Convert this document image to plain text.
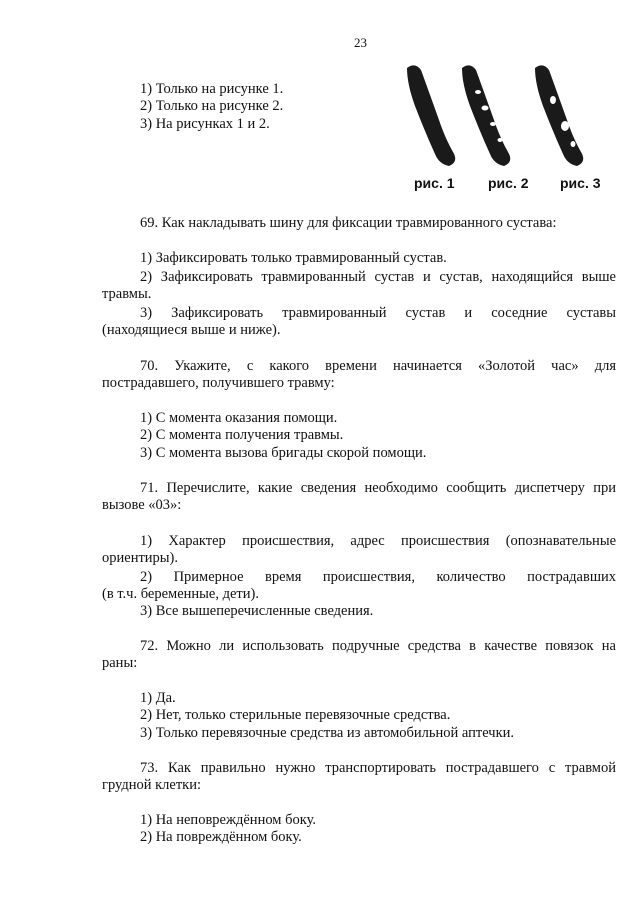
23

1) Только на рисунке 1.

2) Только на рисунке 2.

3) На рисунках 1 и 2.

рис. 1 рис. 2 рис. 3

69. Как накладывать шину для фиксации травмированного сустава:

1) Зафиксировать только травмированный сустав.

2) Зафиксировать травмированный сустав и сустав, находящийся выше

травмы.

3) Зафиксировать травмированный сустав и соседние суставы

(находящиеся выше и ниже).

70. Укажите, с какого времени начинается «Золотой час» для

пострадавшего, получившего травму:

1) С момента оказания помощи.

2) С момента получения травмы.

3) С момента вызова бригады скорой помощи.

71. Перечислите, какие сведения необходимо сообщить диспетчеру при

вызове «03»:

1) Характер происшествия, адрес происшествия (опознавательные

ориентиры).

2) Примерное время происшествия, количество пострадавших

(в т.ч. беременные, дети).

3) Все вышеперечисленные сведения.

72. Можно ли использовать подручные средства в качестве повязок на

раны:

1) Да.

2) Нет, только стерильные перевязочные средства.

3) Только перевязочные средства из автомобильной аптечки.

73. Как правильно нужно транспортировать пострадавшего с травмой

грудной клетки:

1) На неповреждённом боку.

2) На повреждённом боку.
